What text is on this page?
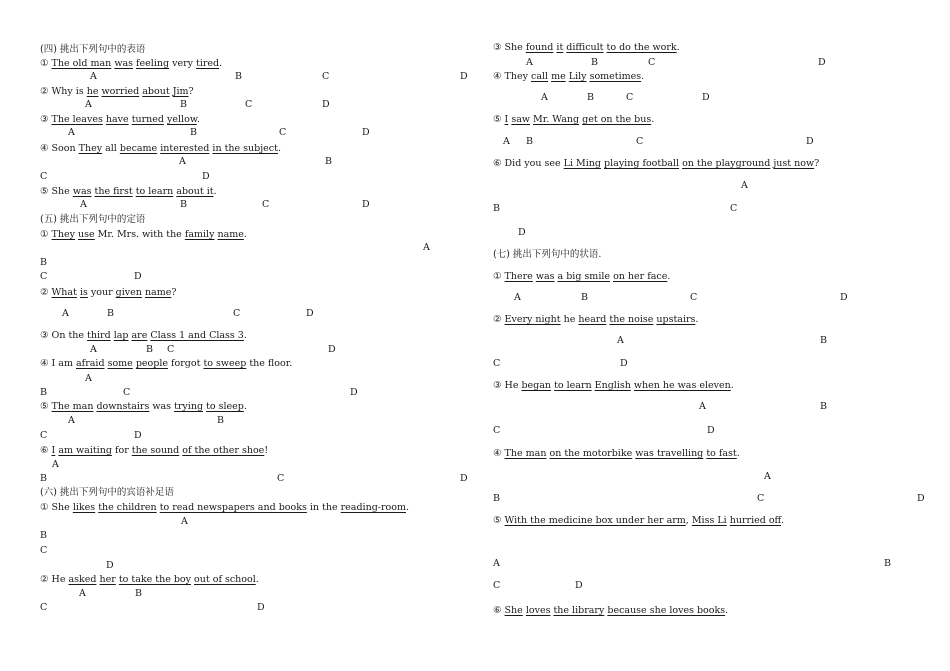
(四) 挑出下列句中的表语
① The old man was feeling very tired.
A	B	C	D
② Why is he worried about Jim?
A	B	C	D
③ The leaves have turned yellow.
A	B	C	D
④ Soon They all became interested in the subject.
A	B
C	D
⑤ She was the first to learn about it.
A	B	C	D
(五) 挑出下列句中的定语
① They use Mr. Mrs. with the family name.
A
B
C	D
② What is your given name?
A	B	C	D
③ On the third lap are Class 1 and Class 3.
A	B C	D
④ I am afraid some people forgot to sweep the floor.
A
B	C	D
⑤ The man downstairs was trying to sleep.
A	B
C	D
⑥ I am waiting for the sound of the other shoe!
A
B	C	D
(六) 挑出下列句中的宾语补足语
① She likes the children to read newspapers and books in the reading-room.
A
B
C
D
② He asked her to take the boy out of school.
A	B
C	D
③ She found it difficult to do the work.
A	B	C	D
④ They call me Lily sometimes.
A	B	C	D
⑤ I saw Mr. Wang get on the bus.
A B	C	D
⑥ Did you see Li Ming playing football on the playground just now?
A
B	C
D
(七) 挑出下列句中的状语.
① There was a big smile on her face.
A	B	C	D
② Every night he heard the noise upstairs.
A	B
C	D
③ He began to learn English when he was eleven.
A	B
C	D
④ The man on the motorbike was travelling to fast.
A
B	C	D
⑤ With the medicine box under her arm, Miss Li hurried off.
A	B
C	D
⑥ She loves the library because she loves books.
